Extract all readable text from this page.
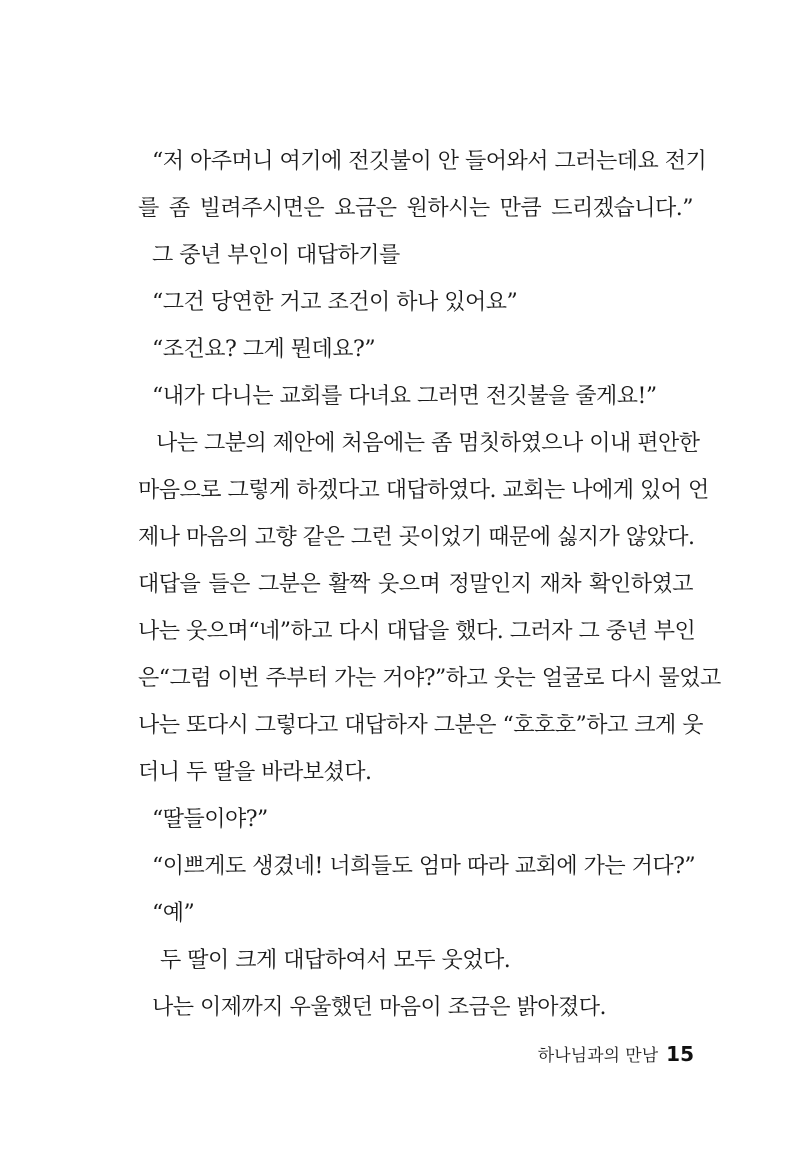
“저 아주머니 여기에 전깃불이 안 들어와서 그러는데요 전기

를 좀 빌려주시면은 요금은 원하시는 만큼 드리겠습니다.”

그 중년 부인이 대답하기를

“그건 당연한 거고 조건이 하나 있어요”

“조건요? 그게 뭔데요?”

“내가 다니는 교회를 다녀요 그러면 전깃불을 줄게요!”

나는 그분의 제안에 처음에는 좀 멈칫하였으나 이내 편안한

마음으로 그렇게 하겠다고 대답하였다. 교회는 나에게 있어 언

제나 마음의 고향 같은 그런 곳이었기 때문에 싫지가 않았다.

대답을 들은 그분은 활짝 웃으며 정말인지 재차 확인하였고

나는 웃으며“네”하고 다시 대답을 했다. 그러자 그 중년 부인

은“그럼 이번 주부터 가는 거야?”하고 웃는 얼굴로 다시 물었고

나는 또다시 그렇다고 대답하자 그분은 “호호호”하고 크게 웃

더니 두 딸을 바라보셨다.

“딸들이야?”

“이쁘게도 생겼네! 너희들도 엄마 따라 교회에 가는 거다?”

“예”

두 딸이 크게 대답하여서 모두 웃었다.

나는 이제까지 우울했던 마음이 조금은 밝아졌다.

하나님과의 만남 15
